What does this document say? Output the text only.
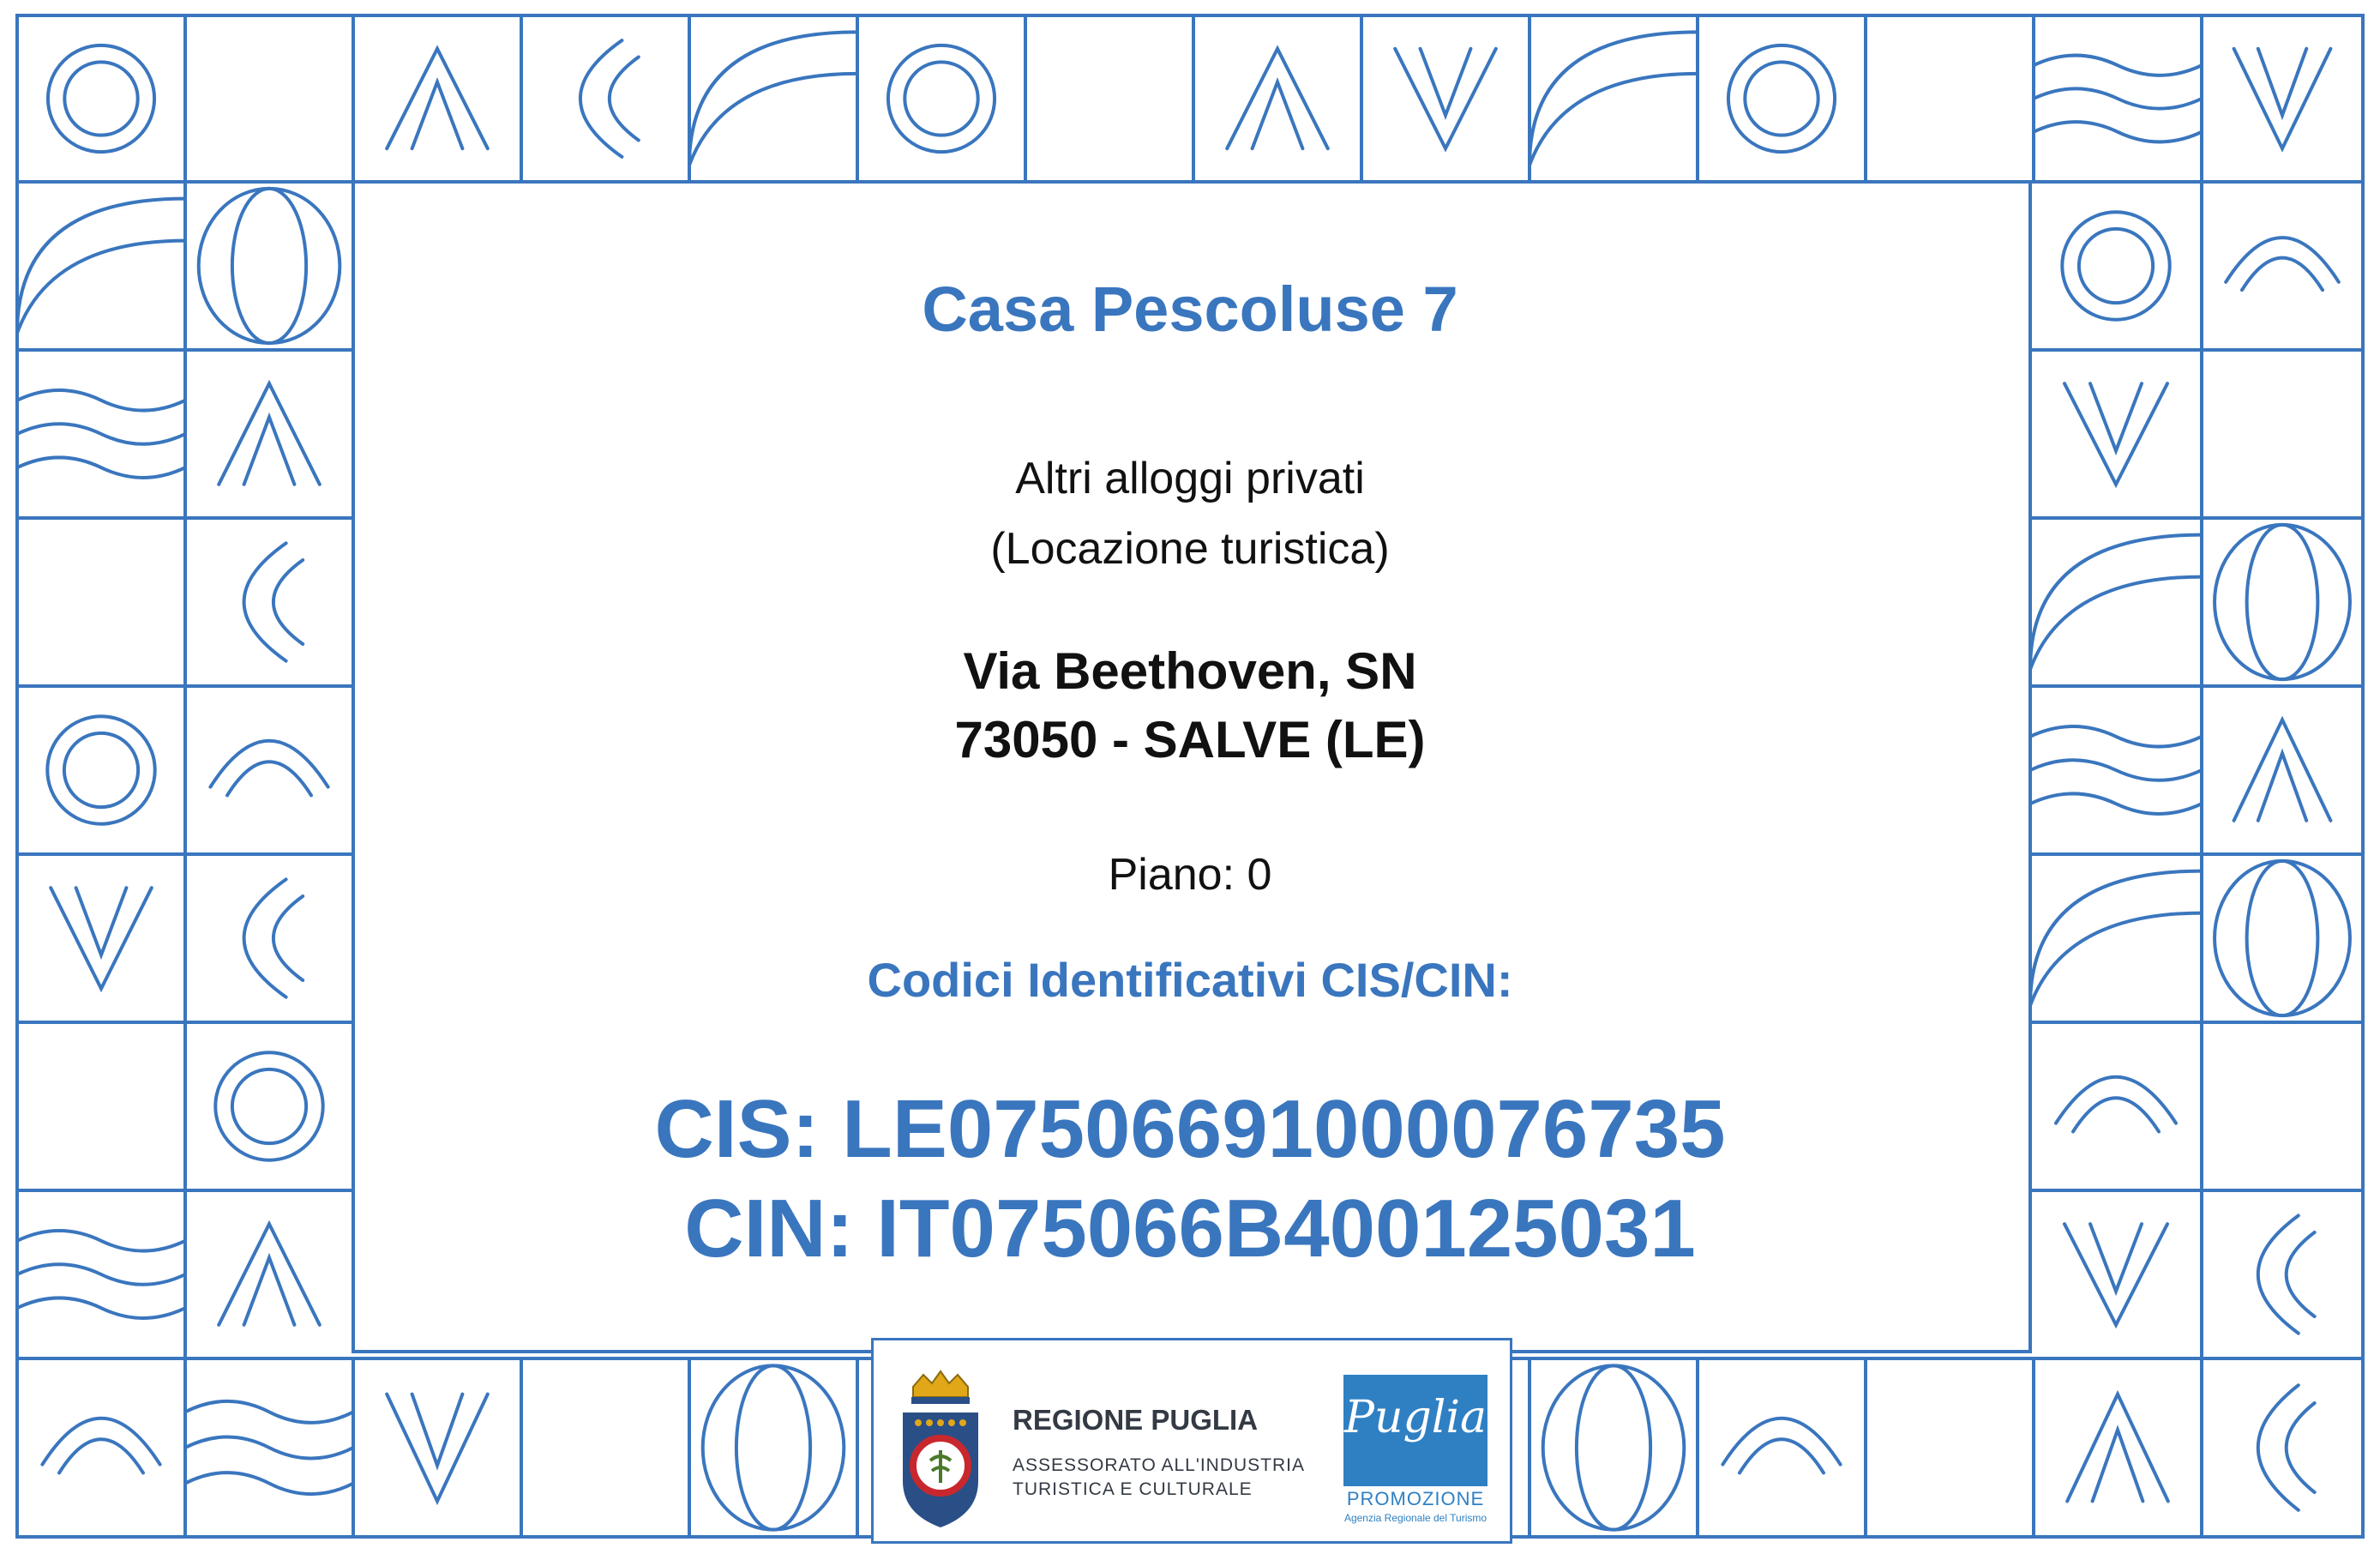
Casa Pescoluse 7
Altri alloggi privati
(Locazione turistica)
Via Beethoven, SN
73050 - SALVE (LE)
Piano: 0
Codici Identificativi CIS/CIN:
CIS: LE07506691000076735
CIN: IT075066B400125031
REGIONE PUGLIA
ASSESSORATO ALL'INDUSTRIA
TURISTICA E CULTURALE
Puglia
PROMOZIONE
Agenzia Regionale del Turismo
